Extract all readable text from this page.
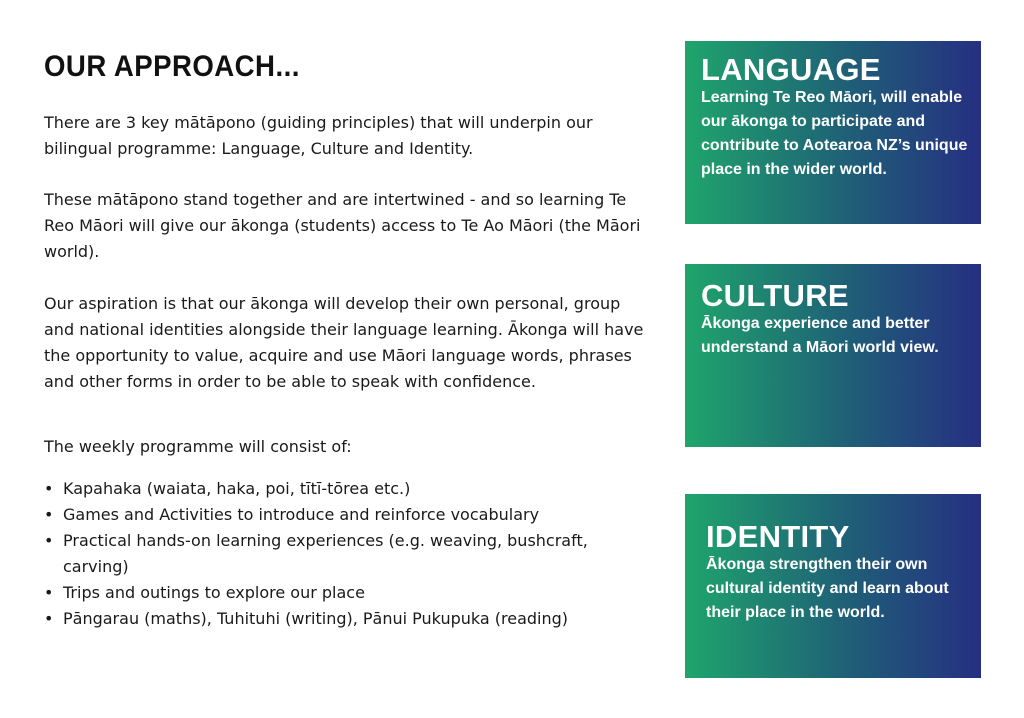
OUR APPROACH...

There are 3 key mātāpono (guiding principles) that will underpin our bilingual programme: Language, Culture and Identity.

These mātāpono stand together and are intertwined - and so learning Te Reo Māori will give our ākonga (students) access to Te Ao Māori (the Māori world).

Our aspiration is that our ākonga will develop their own personal, group and national identities alongside their language learning. Ākonga will have the opportunity to value, acquire and use Māori language words, phrases and other forms in order to be able to speak with confidence.

The weekly programme will consist of:

• Kapahaka (waiata, haka, poi, tītī-tōrea etc.)
• Games and Activities to introduce and reinforce vocabulary
• Practical hands-on learning experiences (e.g. weaving, bushcraft, carving)
• Trips and outings to explore our place
• Pāngarau (maths), Tuhituhi (writing), Pānui Pukupuka (reading)
LANGUAGE

Learning Te Reo Māori, will enable our ākonga to participate and contribute to Aotearoa NZ’s unique place in the wider world.

CULTURE

Ākonga experience and better understand a Māori world view.

IDENTITY

Ākonga strengthen their own cultural identity and learn about their place in the world.
